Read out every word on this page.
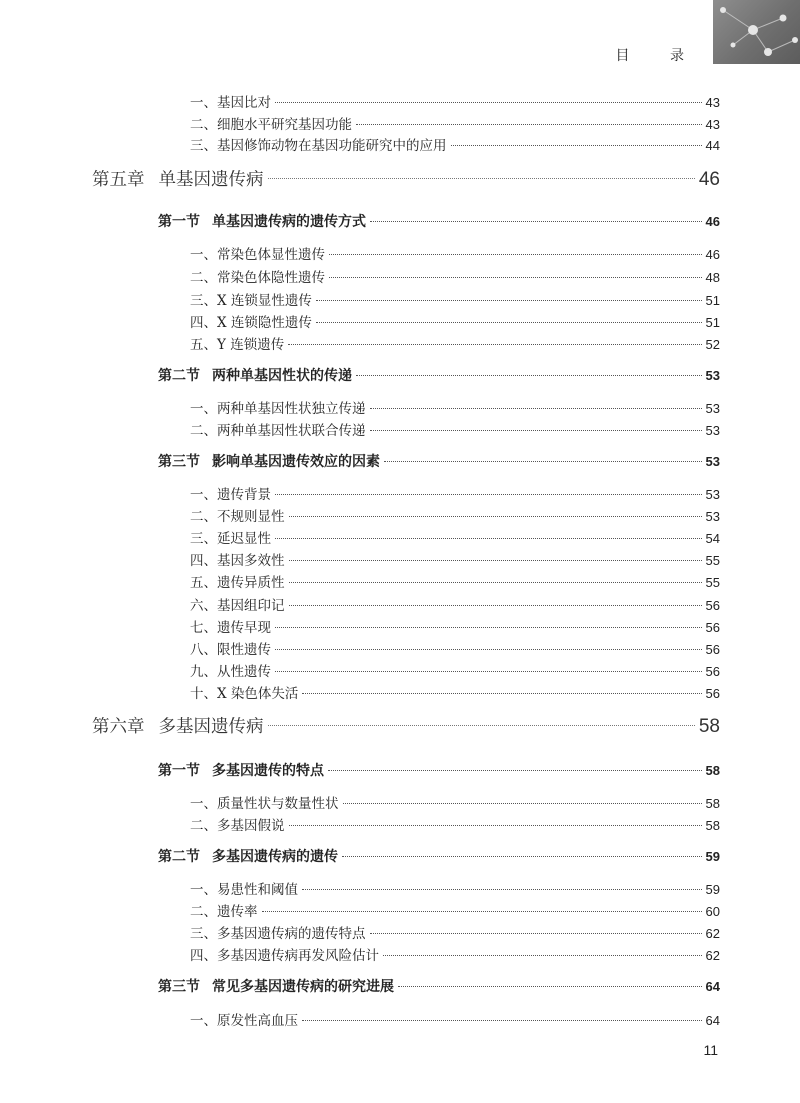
目 录
一、基因比对	43
二、细胞水平研究基因功能	43
三、基因修饰动物在基因功能研究中的应用	44
第五章 单基因遗传病	46
第一节 单基因遗传病的遗传方式	46
一、常染色体显性遗传	46
二、常染色体隐性遗传	48
三、X 连锁显性遗传	51
四、X 连锁隐性遗传	51
五、Y 连锁遗传	52
第二节 两种单基因性状的传递	53
一、两种单基因性状独立传递	53
二、两种单基因性状联合传递	53
第三节 影响单基因遗传效应的因素	53
一、遗传背景	53
二、不规则显性	53
三、延迟显性	54
四、基因多效性	55
五、遗传异质性	55
六、基因组印记	56
七、遗传早现	56
八、限性遗传	56
九、从性遗传	56
十、X 染色体失活	56
第六章 多基因遗传病	58
第一节 多基因遗传的特点	58
一、质量性状与数量性状	58
二、多基因假说	58
第二节 多基因遗传病的遗传	59
一、易患性和阈值	59
二、遗传率	60
三、多基因遗传病的遗传特点	62
四、多基因遗传病再发风险估计	62
第三节 常见多基因遗传病的研究进展	64
一、原发性高血压	64
11
